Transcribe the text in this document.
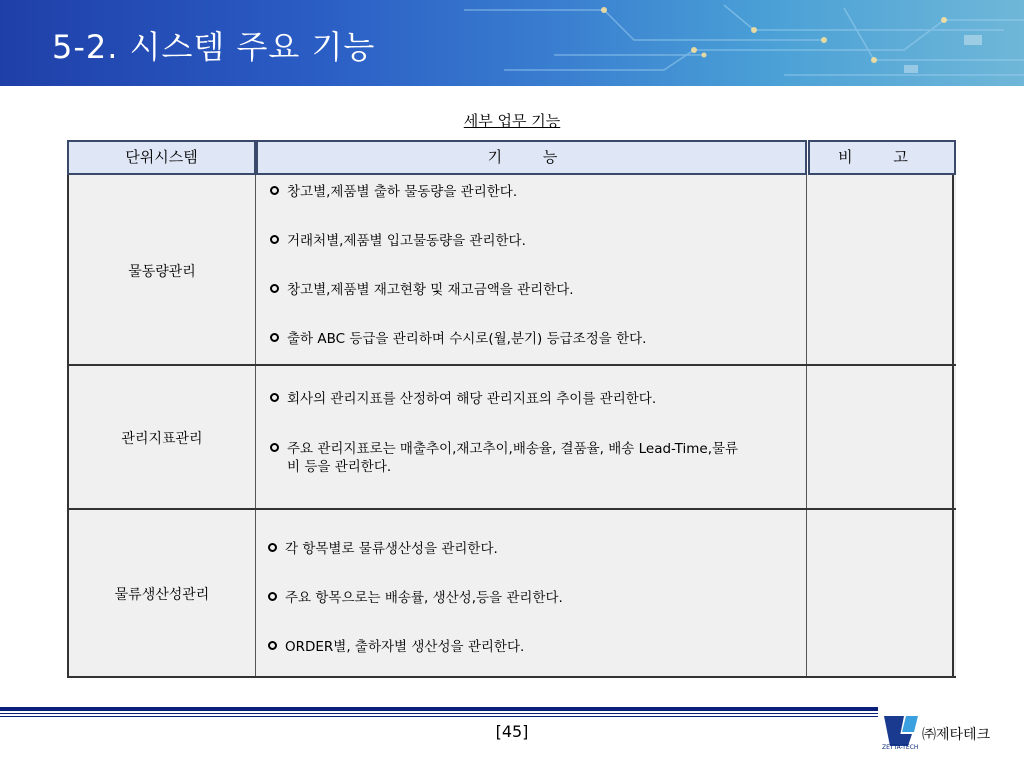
5-2. 시스템 주요 기능
세부 업무 기능
단위시스템	기 능	비 고
물동량관리
창고별,제품별 출하 물동량을 관리한다.
거래처별,제품별 입고물동량을 관리한다.
창고별,제품별 재고현황 및 재고금액을 관리한다.
출하 ABC 등급을 관리하며 수시로(월,분기) 등급조정을 한다.
관리지표관리
회사의 관리지표를 산정하여 해당 관리지표의 추이를 관리한다.
주요 관리지표로는 매출추이,재고추이,배송율, 결품율, 배송 Lead-Time,물류비 등을 관리한다.
물류생산성관리
각 항목별로 물류생산성을 관리한다.
주요 항목으로는 배송률, 생산성,등을 관리한다.
ORDER별, 출하자별 생산성을 관리한다.
[45]
ZETTA-TECH
㈜제타테크
